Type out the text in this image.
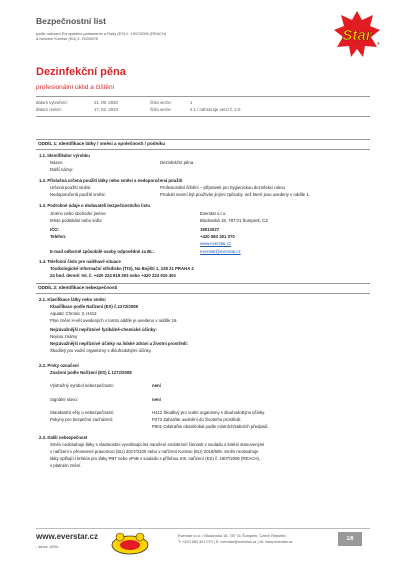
Bezpečnostní list
podle nařízení Evropského parlamentu a Rady (ES) č. 1907/2006 (REACH)
a nařízení Komise (EU) č. 2020/878	Star ®
Dezinfekční pěna
profesionální úklid a čištění
datum vytvoření:	21. 09. 2020	číslo verze:	1
datum revize:	17. 02. 2023	číslo verze:	2.1 / nahrazuje verzi č. 2.0
ODDÍL 1: Identifikace látky / směsi a společnosti / podniku
1.1. Identifikátor výrobku
Název:	Dezinfekční pěna
Další názvy:
1.2. Příslušná určená použití látky nebo směsi a nedoporučená použití
Určená použití směsi:	Profesionální čištění – přípravek pro hygienickou dezinfekci rukou
Nedoporučená použití směsi:	Produkt nesmí být používán jinými způsoby, než které jsou uvedeny v oddíle 1.
1.3. Podrobné údaje o dodavateli bezpečnostního listu
Jméno nebo obchodní jméno:	Everstar s.r.o.
Místo podnikání nebo sídlo:	Bludovská 18, 787 01 Šumperk, CZ
IČO:	19013027
Telefon:	+420 583 301 070
www.everstar.cz
E-mail odborně způsobilé osoby odpovědné za BL:	everstar@everstar.cz
1.4. Telefonní číslo pro naléhavé situace
Toxikologické informační středisko (TIS), Na Bojišti 1, 128 21 PRAHA 2
24 hod. denně: tel. č. +420 224 919 293 nebo +420 224 915 402
ODDÍL 2: Identifikace nebezpečnosti
2.1. Klasifikace látky nebo směsi
Klasifikace podle Nařízení (ES) č.1272/2008
Aquatic Chronic 3, H412
Plné znění H-vět uvedených v tomto oddíle je uvedeno v oddíle 16.
Nejzávažnější nepříznivé fyzikálně-chemické účinky:
Nejsou známy
Nejzávažnější nepříznivé účinky na lidské zdraví a životní prostředí:
Škodlivý pro vodní organismy s dlouhodobými účinky.
2.2. Prvky označení
Značení podle Nařízení (ES) č.1272/2008
Výstražný symbol nebezpečnosti:	není
Signální slovo:	není
Standardní věty o nebezpečnosti:	H412 Škodlivý pro vodní organismy s dlouhodobými účinky.
Pokyny pro bezpečné zacházení:	P273 Zabraňte uvolnění do životního prostředí.
P501 Odstraňte obsah/obal podle místních/státních předpisů.
2.3. Další nebezpečnost
Směs neobsahuje látky s vlastnostmi vyvolávajícími narušení endokrinní činnosti v souladu s kritérii stanovenými
v nařízení v přenesené pravomoci (EU) 2017/2100 nebo v nařízení Komise (EU) 2018/605. Směs neobsahuje
látky splňující kritéria pro látky PBT nebo vPvB v souladu s přílohou XIII, nařízení (ES) č. 1907/2006 (REACH),
v platném znění.
www.everstar.cz
- since 1994 -
Everstar s.r.o. | Bludovská 18, 787 01 Šumperk, Czech Republic
T: +420 583 301 070 | E: everstar@everstar.cz | W: www.everstar.cz	1/8
